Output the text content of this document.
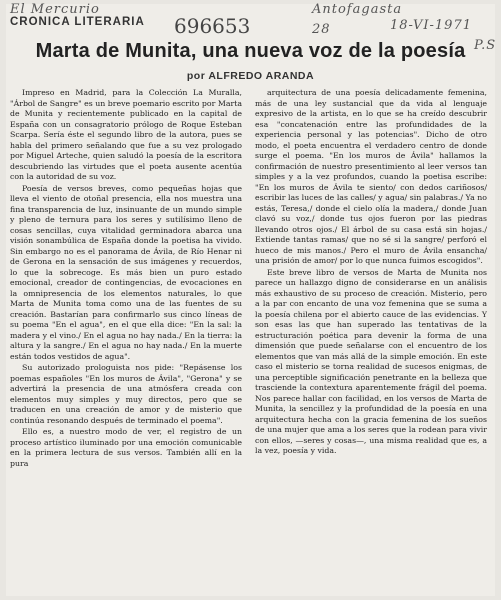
El Mercurio	Antofagasta
18-VI-1971
P.S
696653	28
CRONICA LITERARIA
Marta de Munita, una nueva voz de la poesía
por ALFREDO ARANDA

Impreso en Madrid, para la Colección La Muralla, "Árbol de Sangre" es un breve poemario escrito por Marta de Munita y recientemente publicado en la capital de España con un consagratorio prólogo de Roque Esteban Scarpa. Sería éste el segundo libro de la autora, pues se habla del primero señalando que fue a su vez prologado por Miguel Arteche, quien saludó la poesía de la escritora descubriendo las virtudes que el poeta ausente acentúa con la autoridad de su voz.

Poesía de versos breves, como pequeñas hojas que lleva el viento de otoñal presencia, ella nos muestra una fina transparencia de luz, insinuante de un mundo simple y pleno de ternura para los seres y sutilísimo lleno de cosas sencillas, cuya vitalidad germinadora abarca una visión sonambúlica de España donde la poetisa ha vivido. Sin embargo no es el panorama de Ávila, de Río Henar ni de Gerona en la sensación de sus imágenes y recuerdos, lo que la sobrecoge. Es más bien un puro estado emocional, creador de contingencias, de evocaciones en la omnipresencia de los elementos naturales, lo que Marta de Munita toma como una de las fuentes de su creación. Bastarían para confirmarlo sus cinco líneas de su poema "En el agua", en el que ella dice: "En la sal: la madera y el vino./ En el agua no hay nada./ En la tierra: la altura y la sangre./ En el agua no hay nada./ En la muerte están todos vestidos de agua".

Su autorizado prologuista nos pide: "Repásense los poemas españoles "En los muros de Ávila", "Gerona" y se advertirá la presencia de una atmósfera creada con elementos muy simples y muy directos, pero que se traducen en una creación de amor y de misterio que continúa resonando después de terminado el poema".

Ello es, a nuestro modo de ver, el registro de un proceso artístico iluminado por una emoción comunicable en la primera lectura de sus versos. También allí en la pura

arquitectura de una poesía delicadamente femenina, más de una ley sustancial que da vida al lenguaje expresivo de la artista, en lo que se ha creído descubrir esa "concatenación entre las profundidades de la experiencia personal y las potencias". Dicho de otro modo, el poeta encuentra el verdadero centro de donde surge el poema. "En los muros de Ávila" hallamos la confirmación de nuestro presentimiento al leer versos tan simples y a la vez profundos, cuando la poetisa escribe: "En los muros de Ávila te siento/ con dedos cariñosos/ escribir las luces de las calles/ y agua/ sin palabras./ Ya no estás, Teresa,/ donde el cielo olía la madera,/ donde Juan clavó su voz,/ donde tus ojos fueron por las piedras llevando otros ojos./ El árbol de su casa está sin hojas./ Extiende tantas ramas/ que no sé si la sangre/ perforó el hueco de mis manos./ Pero el muro de Ávila ensancha/ una prisión de amor/ por lo que nunca fuimos escogidos".

Este breve libro de versos de Marta de Munita nos parece un hallazgo digno de considerarse en un análisis más exhaustivo de su proceso de creación. Misterio, pero a la par con encanto de una voz femenina que se suma a la poesía chilena por el abierto cauce de las evidencias. Y son esas las que han superado las tentativas de la estructuración poética para devenir la forma de una dimensión que puede señalarse con el encuentro de los elementos que van más allá de la simple emoción. En este caso el misterio se torna realidad de sucesos enigmas, de una perceptible significación penetrante en la belleza que trasciende la contextura aparentemente frágil del poema. Nos parece hallar con facilidad, en los versos de Marta de Munita, la sencillez y la profundidad de la poesía en una arquitectura hecha con la gracia femenina de los sueños de una mujer que ama a los seres que la rodean para vivir con ellos, —seres y cosas—, una misma realidad que es, a la vez, poesía y vida.
